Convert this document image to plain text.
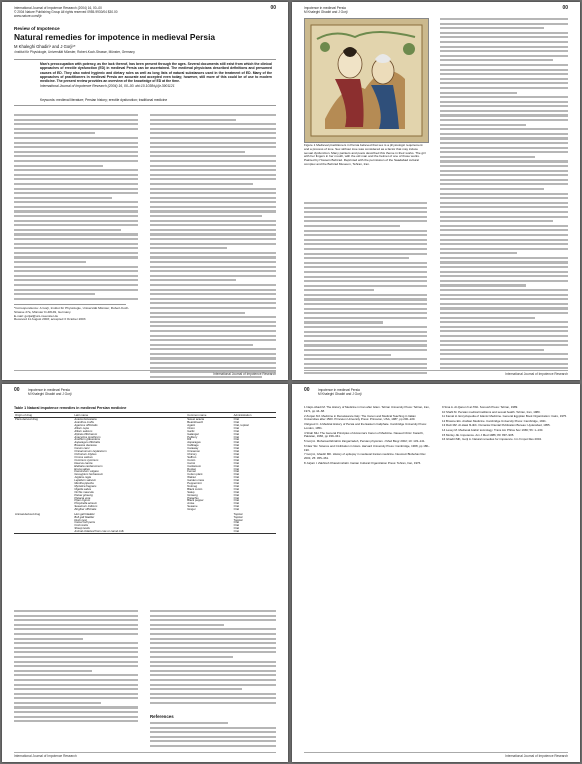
International Journal of Impotence Research (2004) 16, 00–00
© 2004 Nature Publishing Group All rights reserved 0955-9930/04 $30.00
www.nature.com/ijir
00
Review of Impotence
Natural remedies for impotence in medieval Persia
M Khaleghi Ghadiri¹ and J Gorji¹*
¹Institut für Physiologie, Universität Münster, Robert-Koch-Strasse, Münster, Germany
Man's preoccupation with potency, as the lack thereof, has been present through the ages. Several documents still exist from which the clinical approaches of erectile dysfunction (ED) in medieval Persia can be ascertained. The medieval physicians described definitions and presumed causes of ED. They also noted hygienic and dietary rules as well as long lists of natural substances used in the treatment of ED. Many of the approaches of practitioners in medieval Persia are accurate and accepted even today; however, still more of this could be of use to modern medicine. The present review provides an overview of the knowledge of ED at the time.
International Journal of Impotence Research (2004) 16, 00–00. doi:10.1038/sj.ijir.3901121
Keywords: medieval literature; Persian history; erectile dysfunction; traditional medicine
*Correspondence: A Gorji, Institut für Physiologie, Universität Münster, Robert-Koch-Strasse 27a, Münster D-48149, Germany.
E-mail: gorjial@uni-muenster.de
Received 11 August 2003; accepted 3 October 2003
International Journal of Impotence Research
Impotence in medieval Persia
M Khaleghi Ghadiri and J Gorji
00
Figure 1 Medieval practitioners in Persia believed that sex is a physiologic requirement and a process of love. Sex without love was considered as a factor that may induce sexual dysfunction. Many painters and poets described this theme in their works. The girl with her fingers in her mouth, with the old man and the helmet of one of those works. Painted by Hossein Behzad. Reprinted with the permission of the Saadabad cultural complex and the Behzad Museum, Tehran, Iran.
International Journal of Impotence Research
Impotence in medieval Persia
M Khaleghi Ghadiri and J Gorji
00
Table 1 Natural impotence remedies in medieval Persian medicine
Origin of drug	Latin name	Common name	Administration
Plant-derived drug	Acacia farnesiana	Sweet acacia	Oral
	Acanthus mollis	Bearsbreech	Oral
	Agaricus officinalis	Agaric	Oral, topical
	Allium cepa	Onion	Oral
	Allium sativum	Garlic	Oral
	Alpinia officinarum	Galangal	Oral
	Anacyclus pyrethrum	Pellitory	Oral
	Anethum graveolens	Dill	Oral
	Asparagus officinalis	Asparagus	Oral
	Brassica oleracea	Cabbage	Oral
	Carum carvi	Caraway	Oral
	Cinnamomum zeylanicum	Cinnamon	Oral
	Cichorium intybus	Chicory	Oral
	Crocus sativus	Saffron	Oral
	Cuminum cyminum	Cumin	Oral
	Daucus carota	Carrot	Oral
	Elettaria cardamomum	Cardamom	Oral
	Eruca sativa	Rocket	Oral
	Foeniculum vulgare	Fennel	Oral
	Gossypium herbaceum	Cotton plant	Oral
	Juglans regia	Walnut	Oral
	Lepidium sativum	Garden cress	Oral
	Mentha piperita	Peppermint	Oral
	Myristica fragrans	Nutmeg	Oral
	Nigella sativa	Black cumin	Oral
	Orchis mascula	Salep	Oral
	Panax ginseng	Ginseng	Oral
	Pistacia vera	Pistachio	Oral
	Piper nigrum	Black pepper	Oral
	Pimpinella anisum	Anise	Oral
	Sesamum indicum	Sesame	Oral
	Zingiber officinale	Ginger	Oral
Animal-derived drug	Hen gall bladder		Topical
	Bull gall bladder		Topical
	Duck nest		Topical
	Camel bull penis		Oral
	Cock testis		Oral
	Sheep testis		Oral
	Animal obtained from cow or camel milk		Oral
References
International Journal of Impotence Research
Impotence in medieval Persia
M Khaleghi Ghadiri and J Gorji
00
1 Najm-Abadi M. The History of Medicine in Iran after Islam. Tehran University Press: Tehran, Iran, 1971, pp 44–68.
2 Zonjan MJ. Medicine in Renaissance Italy: The Canon and Medical Teaching in Italian Universities after 1500. Princeton University Press: Princeton, USA, 1987, pp 200–220.
3 Elgood C. A Medical History of Persia and the Eastern Caliphate. Cambridge University Press: London, 1951.
4 Shah MH. The General Principles of Avicenna's Canon of Medicine. Naveed Clinic: Karachi, Pakistan, 1966, pp 339–341.
5 Gorji A. Mohamad Ebrahim Zargarzadeh, Persian physician. J Med Biogr 2002; 10: 133–141.
6 Nasr SH. Science and Civilization in Islam. Harvard University Press: Cambridge, 1968, pp 180–190.
7 Gorji A, Ghadiri MK. History of epilepsy in medieval Iranian medicine. Neurosci Biobehav Rev 2001; 25: 455–461.
8 Jurjani I. Zakhireh Kharazmshahi. Iranian Cultural Organization Press: Tehran, Iran, 1976.
9 Sina A. Al-Qanun fi al-Tibb. Soroush Press: Tehran, 1989.
10 Shafii M. Persian medical traditions and sexual health. Tehran, Iran, 1980.
11 Kamal H. Encyclopedia of Islamic Medicine. General Egyptian Book Organization: Cairo, 1975.
12 Browne EG. Arabian Medicine. Cambridge University Press: Cambridge, 1921.
13 Razi MZ. Al-Hawi fil-tibb. Osmania Oriental Publication Bureau: Hyderabad, 1955.
14 Levey M. Medieval Arabic toxicology. Trans Am Philos Soc 1966; 56: 1–130.
15 Morley JE. Impotence. Am J Med 1986; 80: 897–905.
16 Ghadiri MK, Gorji A. Natural remedies for impotence. Int J Impot Res 2004.
International Journal of Impotence Research
